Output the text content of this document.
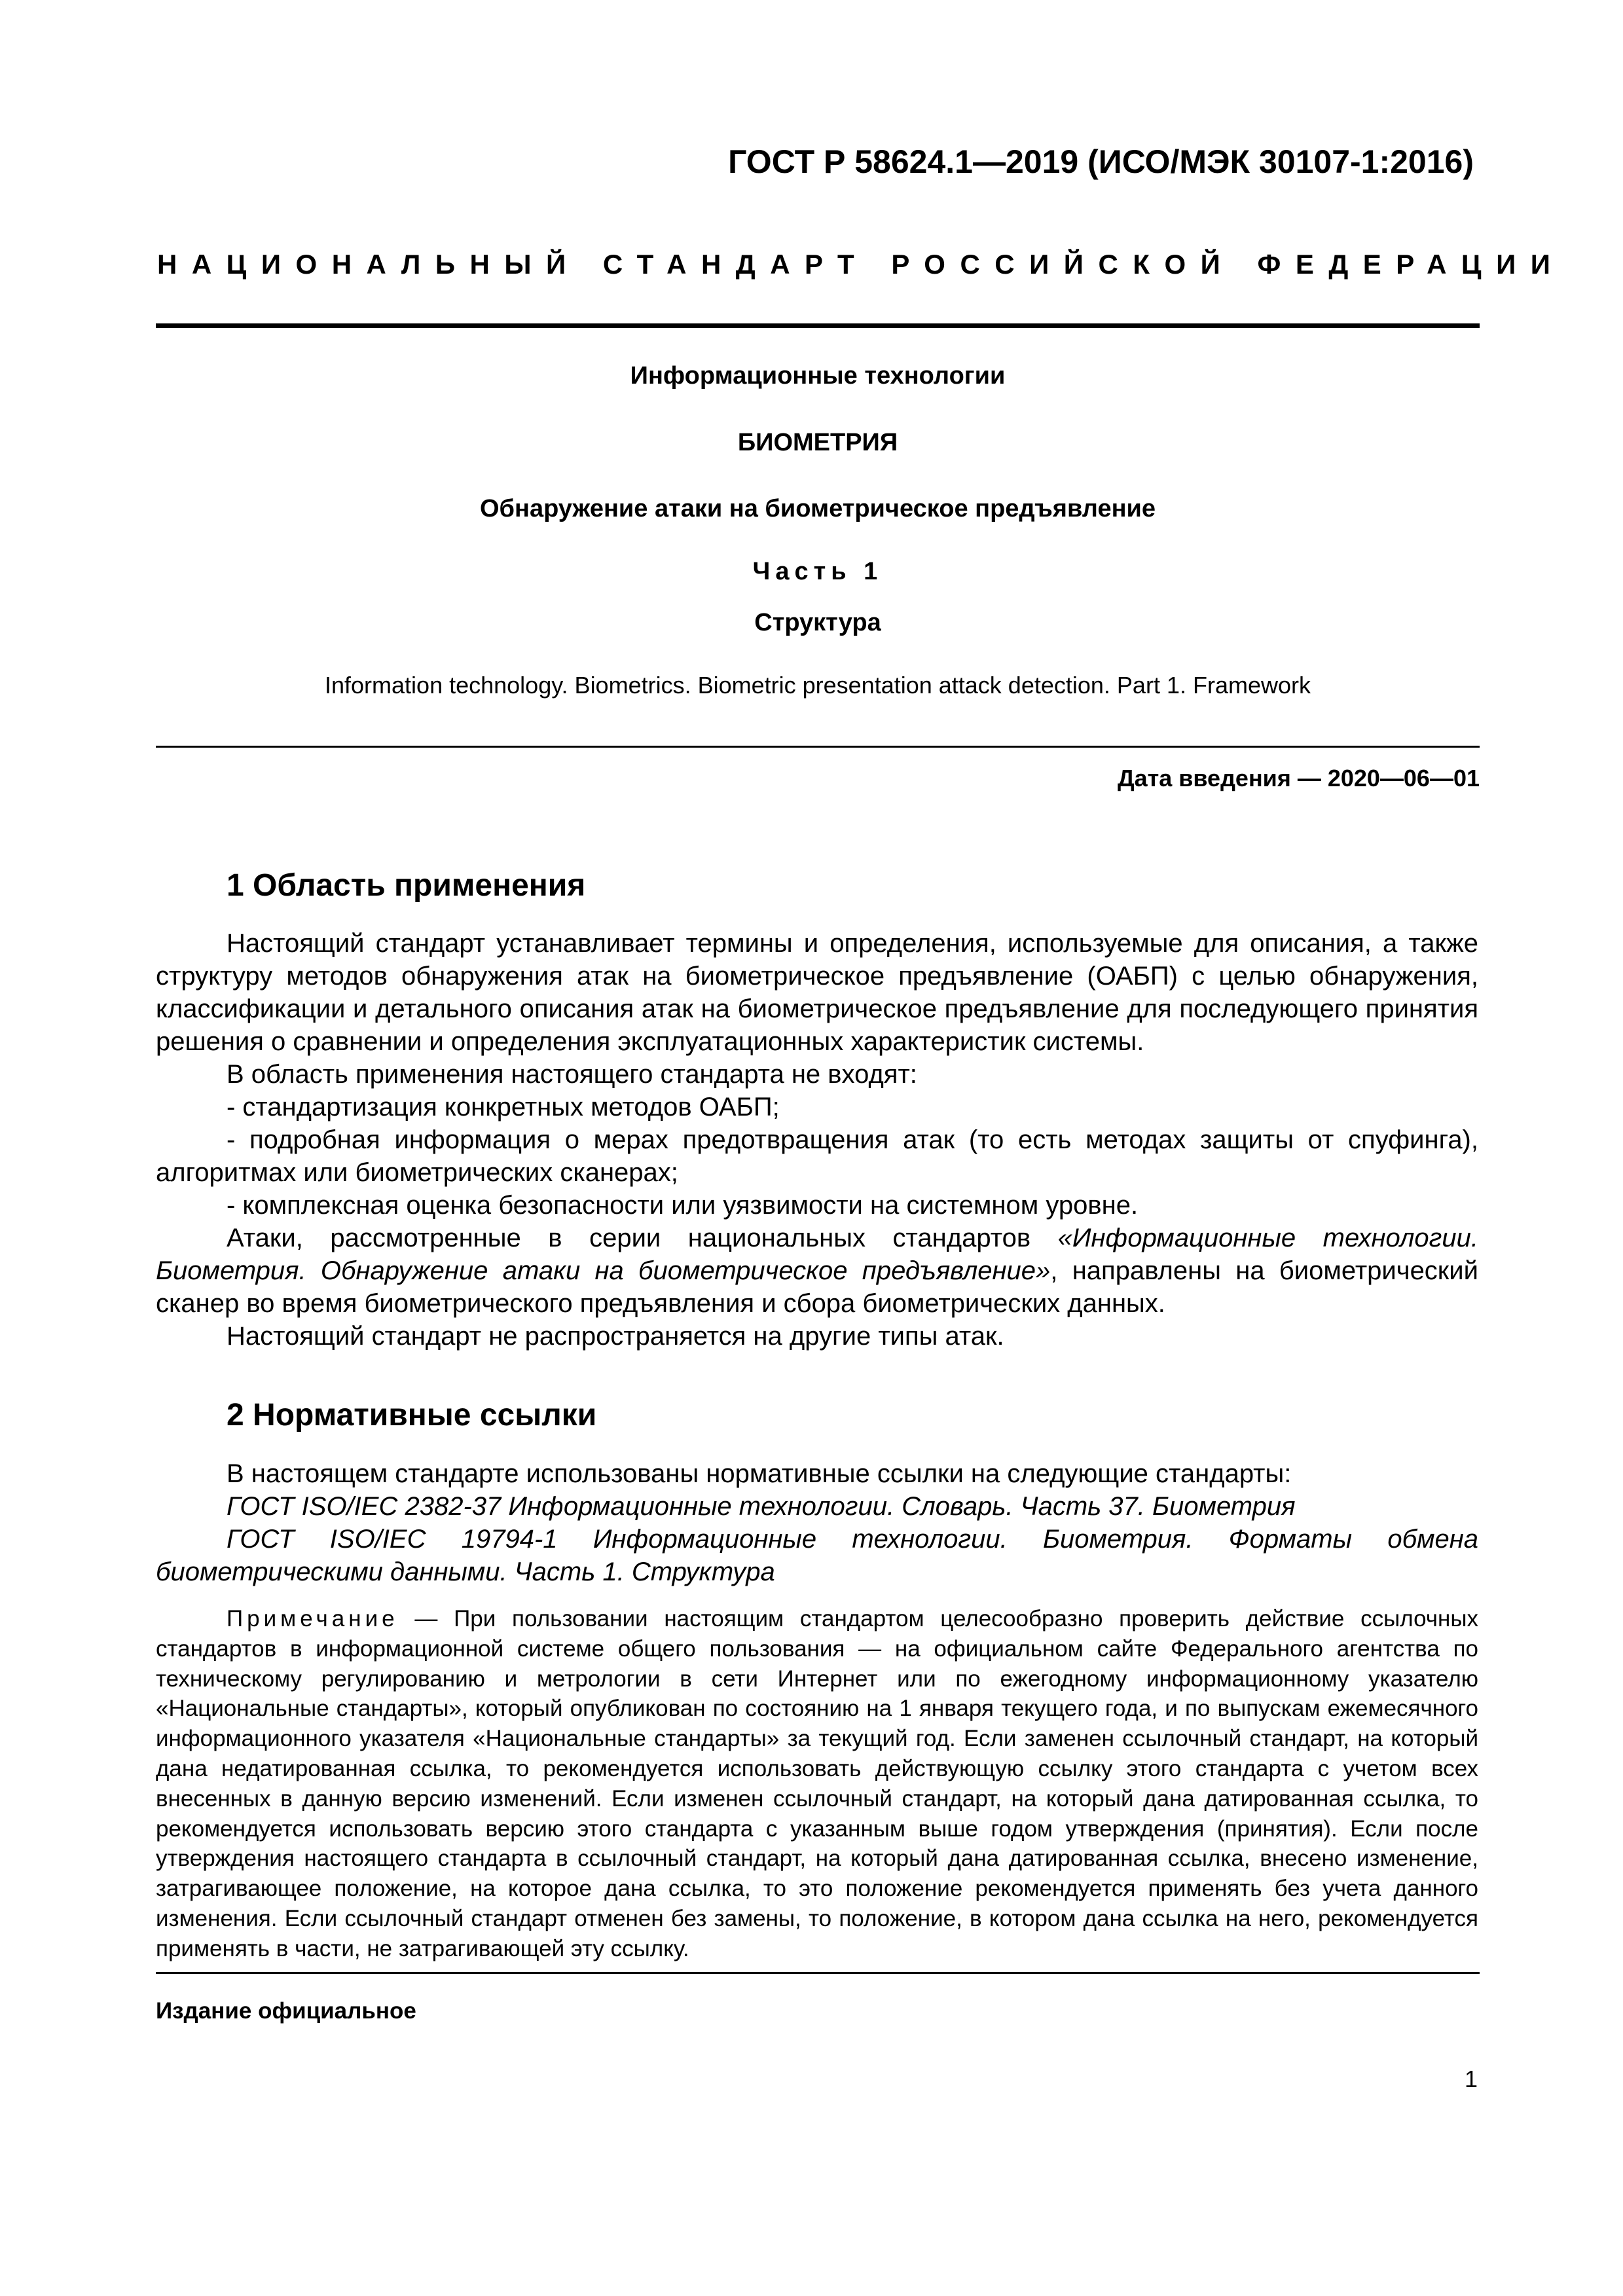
ГОСТ Р 58624.1—2019 (ИСО/МЭК 30107-1:2016)
НАЦИОНАЛЬНЫЙ СТАНДАРТ РОССИЙСКОЙ ФЕДЕРАЦИИ
Информационные технологии
БИОМЕТРИЯ
Обнаружение атаки на биометрическое предъявление
Часть 1
Структура
Information technology. Biometrics. Biometric presentation attack detection. Part 1. Framework
Дата введения — 2020—06—01
1 Область применения

Настоящий стандарт устанавливает термины и определения, используемые для описания, а также структуру методов обнаружения атак на биометрическое предъявление (ОАБП) с целью обнаружения, классификации и детального описания атак на биометрическое предъявление для последующего принятия решения о сравнении и определения эксплуатационных характеристик системы.

В область применения настоящего стандарта не входят:

- стандартизация конкретных методов ОАБП;

- подробная информация о мерах предотвращения атак (то есть методах защиты от спуфинга), алгоритмах или биометрических сканерах;

- комплексная оценка безопасности или уязвимости на системном уровне.

Атаки, рассмотренные в серии национальных стандартов «Информационные технологии. Биометрия. Обнаружение атаки на биометрическое предъявление», направлены на биометрический сканер во время биометрического предъявления и сбора биометрических данных.

Настоящий стандарт не распространяется на другие типы атак.

2 Нормативные ссылки

В настоящем стандарте использованы нормативные ссылки на следующие стандарты:

ГОСТ ISO/IEC 2382-37 Информационные технологии. Словарь. Часть 37. Биометрия

ГОСТ ISO/IEC 19794-1 Информационные технологии. Биометрия. Форматы обмена биометрическими данными. Часть 1. Структура

Примечание — При пользовании настоящим стандартом целесообразно проверить действие ссылочных стандартов в информационной системе общего пользования — на официальном сайте Федерального агентства по техническому регулированию и метрологии в сети Интернет или по ежегодному информационному указателю «Национальные стандарты», который опубликован по состоянию на 1 января текущего года, и по выпускам ежемесячного информационного указателя «Национальные стандарты» за текущий год. Если заменен ссылочный стандарт, на который дана недатированная ссылка, то рекомендуется использовать действующую ссылку этого стандарта с учетом всех внесенных в данную версию изменений. Если изменен ссылочный стандарт, на который дана датированная ссылка, то рекомендуется использовать версию этого стандарта с указанным выше годом утверждения (принятия). Если после утверждения настоящего стандарта в ссылочный стандарт, на который дана датированная ссылка, внесено изменение, затрагивающее положение, на которое дана ссылка, то это положение рекомендуется применять без учета данного изменения. Если ссылочный стандарт отменен без замены, то положение, в котором дана ссылка на него, рекомендуется применять в части, не затрагивающей эту ссылку.

Издание официальное
1
